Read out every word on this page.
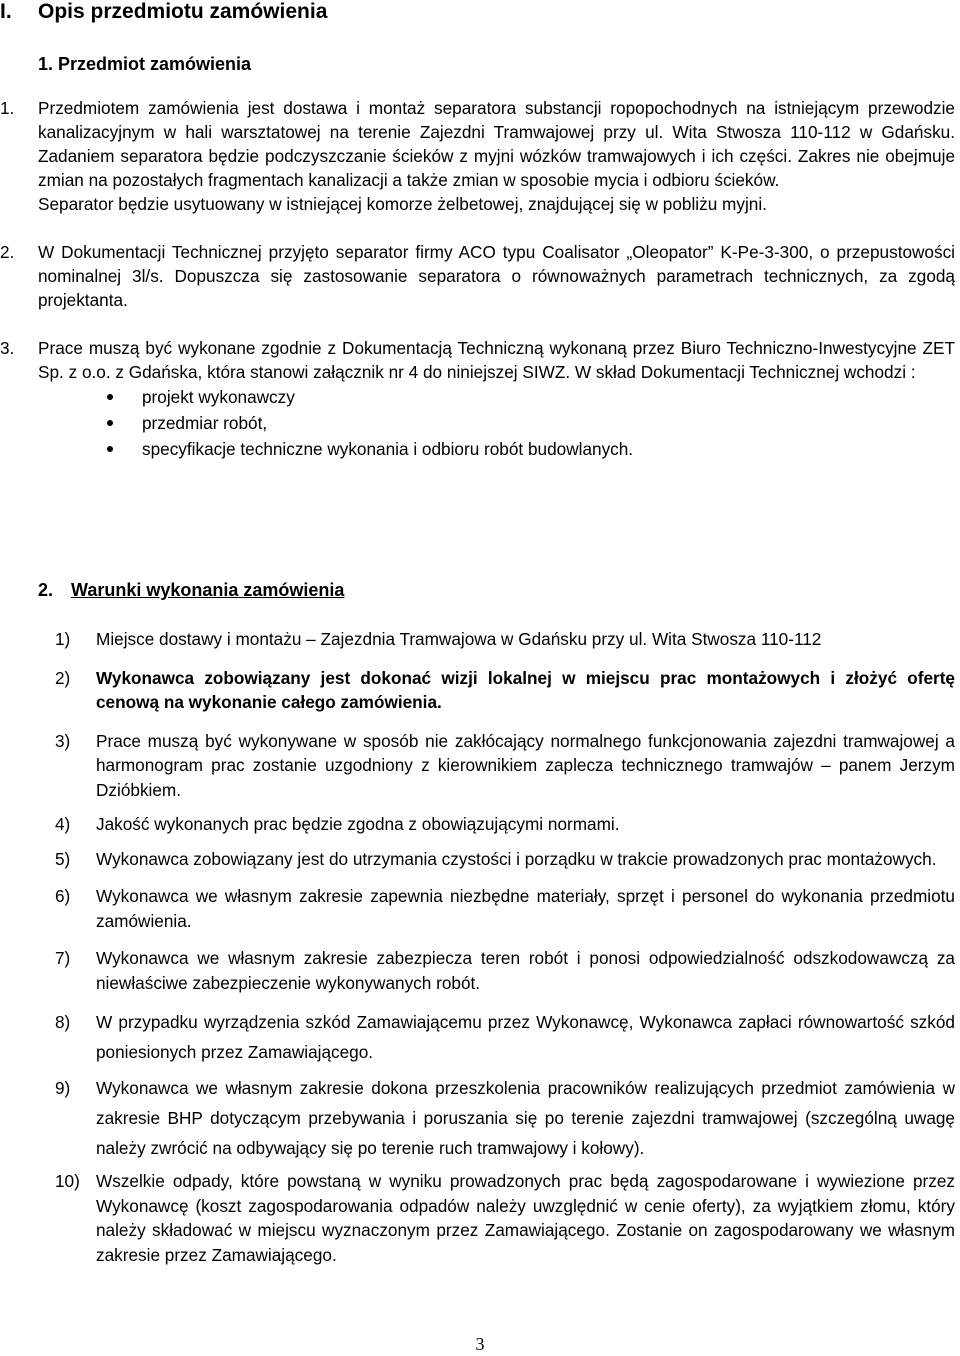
I. Opis przedmiotu zamówienia
1. Przedmiot zamówienia
1. Przedmiotem zamówienia jest dostawa i montaż separatora substancji ropopochodnych na istniejącym przewodzie kanalizacyjnym w hali warsztatowej na terenie Zajezdni Tramwajowej przy ul. Wita Stwosza 110-112 w Gdańsku. Zadaniem separatora będzie podczyszczanie ścieków z myjni wózków tramwajowych i ich części. Zakres nie obejmuje zmian na pozostałych fragmentach kanalizacji a także zmian w sposobie mycia i odbioru ścieków.
Separator będzie usytuowany w istniejącej komorze żelbetowej, znajdującej się w pobliżu myjni.
2. W Dokumentacji Technicznej przyjęto separator firmy ACO typu Coalisator „Oleopator” K-Pe-3-300, o przepustowości nominalnej 3l/s. Dopuszcza się zastosowanie separatora o równoważnych parametrach technicznych, za zgodą projektanta.
3. Prace muszą być wykonane zgodnie z Dokumentacją Techniczną wykonaną przez Biuro Techniczno-Inwestycyjne ZET Sp. z o.o. z Gdańska, która stanowi załącznik nr 4 do niniejszej SIWZ. W skład Dokumentacji Technicznej wchodzi :
projekt wykonawczy
przedmiar robót,
specyfikacje techniczne wykonania i odbioru robót budowlanych.
2. Warunki wykonania zamówienia
1)	Miejsce dostawy i montażu – Zajezdnia Tramwajowa w Gdańsku przy ul. Wita Stwosza 110-112
2)	Wykonawca zobowiązany jest dokonać wizji lokalnej w miejscu prac montażowych i złożyć ofertę cenową na wykonanie całego zamówienia.
3)	Prace muszą być wykonywane w sposób nie zakłócający normalnego funkcjonowania zajezdni tramwajowej a harmonogram prac zostanie uzgodniony z kierownikiem zaplecza technicznego tramwajów – panem Jerzym Dzióbkiem.
4)	Jakość wykonanych prac będzie zgodna z obowiązującymi normami.
5)	Wykonawca zobowiązany jest do utrzymania czystości i porządku w trakcie prowadzonych prac montażowych.
6)	Wykonawca we własnym zakresie zapewnia niezbędne materiały, sprzęt i personel do wykonania przedmiotu zamówienia.
7)	Wykonawca we własnym zakresie zabezpiecza teren robót i ponosi odpowiedzialność odszkodowawczą za niewłaściwe zabezpieczenie wykonywanych robót.
8)	W przypadku wyrządzenia szkód Zamawiającemu przez Wykonawcę, Wykonawca zapłaci równowartość szkód poniesionych przez Zamawiającego.
9)	Wykonawca we własnym zakresie dokona przeszkolenia pracowników realizujących przedmiot zamówienia w zakresie BHP dotyczącym przebywania i poruszania się po terenie zajezdni tramwajowej (szczególną uwagę należy zwrócić na odbywający się po terenie ruch tramwajowy i kołowy).
10) Wszelkie odpady, które powstaną w wyniku prowadzonych prac będą zagospodarowane i wywiezione przez Wykonawcę (koszt zagospodarowania odpadów należy uwzględnić w cenie oferty), za wyjątkiem złomu, który należy składować w miejscu wyznaczonym przez Zamawiającego. Zostanie on zagospodarowany we własnym zakresie przez Zamawiającego.
3
